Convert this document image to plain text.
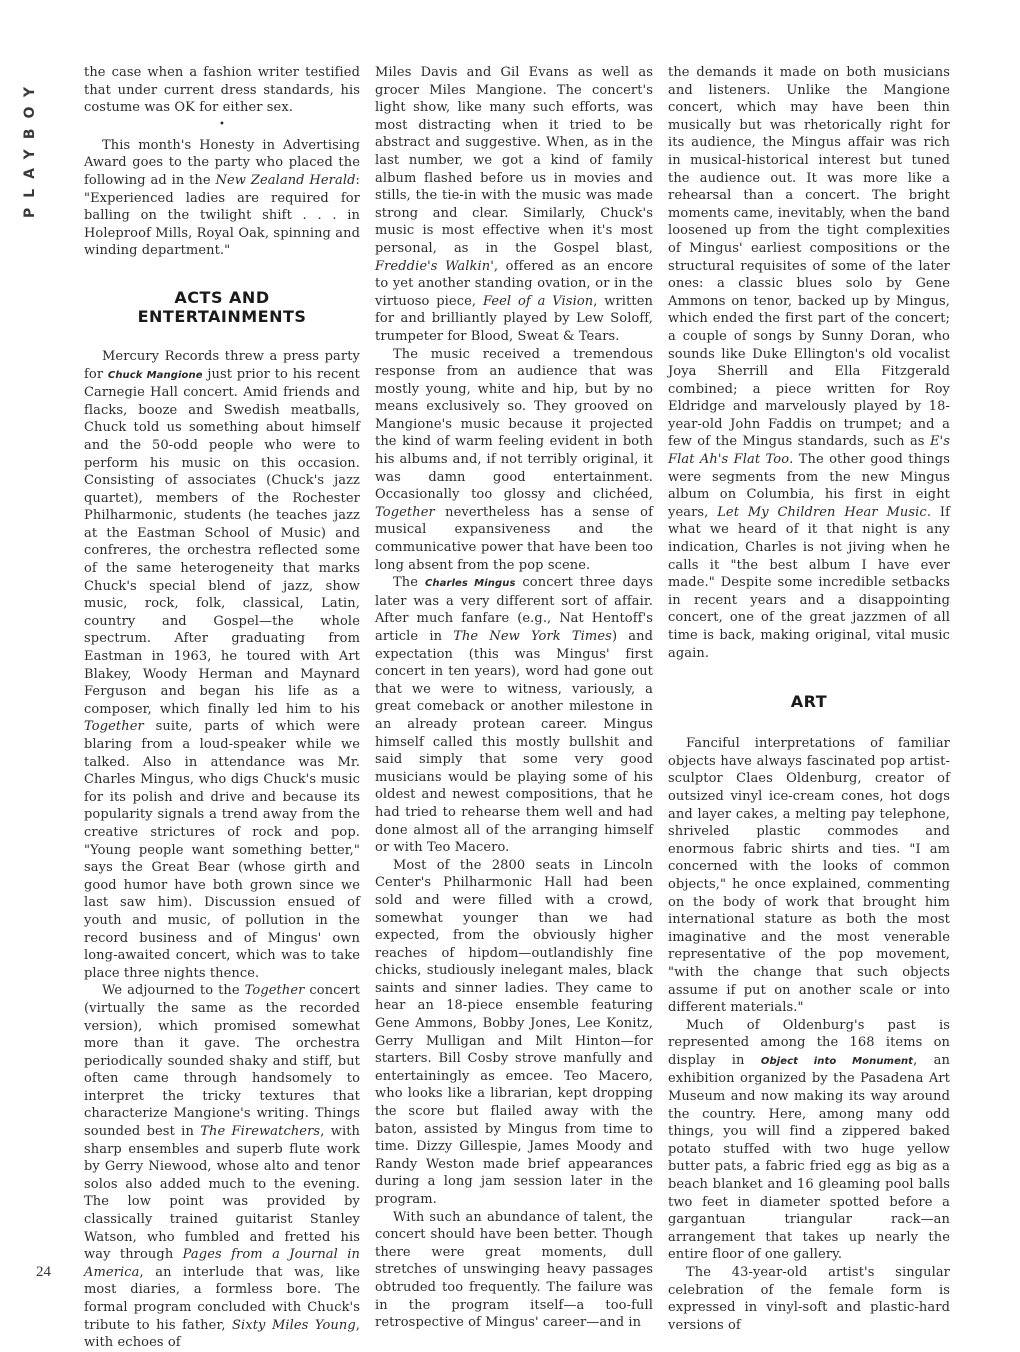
PLAYBOY
24

the case when a fashion writer testified that under current dress standards, his costume was OK for either sex.

•

This month's Honesty in Advertising Award goes to the party who placed the following ad in the New Zealand Herald: "Experienced ladies are required for balling on the twilight shift . . . in Holeproof Mills, Royal Oak, spinning and winding department."

ACTS AND
ENTERTAINMENTS

Mercury Records threw a press party for Chuck Mangione just prior to his recent Carnegie Hall concert. Amid friends and flacks, booze and Swedish meatballs, Chuck told us something about himself and the 50-odd people who were to perform his music on this occasion. Consisting of associates (Chuck's jazz quartet), members of the Rochester Philharmonic, students (he teaches jazz at the Eastman School of Music) and confreres, the orchestra reflected some of the same heterogeneity that marks Chuck's special blend of jazz, show music, rock, folk, classical, Latin, country and Gospel—the whole spectrum. After graduating from Eastman in 1963, he toured with Art Blakey, Woody Herman and Maynard Ferguson and began his life as a composer, which finally led him to his Together suite, parts of which were blaring from a loud-speaker while we talked. Also in attendance was Mr. Charles Mingus, who digs Chuck's music for its polish and drive and because its popularity signals a trend away from the creative strictures of rock and pop. "Young people want something better," says the Great Bear (whose girth and good humor have both grown since we last saw him). Discussion ensued of youth and music, of pollution in the record business and of Mingus' own long-awaited concert, which was to take place three nights thence.

We adjourned to the Together concert (virtually the same as the recorded version), which promised somewhat more than it gave. The orchestra periodically sounded shaky and stiff, but often came through handsomely to interpret the tricky textures that characterize Mangione's writing. Things sounded best in The Firewatchers, with sharp ensembles and superb flute work by Gerry Niewood, whose alto and tenor solos also added much to the evening. The low point was provided by classically trained guitarist Stanley Watson, who fumbled and fretted his way through Pages from a Journal in America, an interlude that was, like most diaries, a formless bore. The formal program concluded with Chuck's tribute to his father, Sixty Miles Young, with echoes of

Miles Davis and Gil Evans as well as grocer Miles Mangione. The concert's light show, like many such efforts, was most distracting when it tried to be abstract and suggestive. When, as in the last number, we got a kind of family album flashed before us in movies and stills, the tie-in with the music was made strong and clear. Similarly, Chuck's music is most effective when it's most personal, as in the Gospel blast, Freddie's Walkin', offered as an encore to yet another standing ovation, or in the virtuoso piece, Feel of a Vision, written for and brilliantly played by Lew Soloff, trumpeter for Blood, Sweat & Tears.

The music received a tremendous response from an audience that was mostly young, white and hip, but by no means exclusively so. They grooved on Mangione's music because it projected the kind of warm feeling evident in both his albums and, if not terribly original, it was damn good entertainment. Occasionally too glossy and clichéed, Together nevertheless has a sense of musical expansiveness and the communicative power that have been too long absent from the pop scene.

The Charles Mingus concert three days later was a very different sort of affair. After much fanfare (e.g., Nat Hentoff's article in The New York Times) and expectation (this was Mingus' first concert in ten years), word had gone out that we were to witness, variously, a great comeback or another milestone in an already protean career. Mingus himself called this mostly bullshit and said simply that some very good musicians would be playing some of his oldest and newest compositions, that he had tried to rehearse them well and had done almost all of the arranging himself or with Teo Macero.

Most of the 2800 seats in Lincoln Center's Philharmonic Hall had been sold and were filled with a crowd, somewhat younger than we had expected, from the obviously higher reaches of hipdom—outlandishly fine chicks, studiously inelegant males, black saints and sinner ladies. They came to hear an 18-piece ensemble featuring Gene Ammons, Bobby Jones, Lee Konitz, Gerry Mulligan and Milt Hinton—for starters. Bill Cosby strove manfully and entertainingly as emcee. Teo Macero, who looks like a librarian, kept dropping the score but flailed away with the baton, assisted by Mingus from time to time. Dizzy Gillespie, James Moody and Randy Weston made brief appearances during a long jam session later in the program.

With such an abundance of talent, the concert should have been better. Though there were great moments, dull stretches of unswinging heavy passages obtruded too frequently. The failure was in the program itself—a too-full retrospective of Mingus' career—and in

the demands it made on both musicians and listeners. Unlike the Mangione concert, which may have been thin musically but was rhetorically right for its audience, the Mingus affair was rich in musical-historical interest but tuned the audience out. It was more like a rehearsal than a concert. The bright moments came, inevitably, when the band loosened up from the tight complexities of Mingus' earliest compositions or the structural requisites of some of the later ones: a classic blues solo by Gene Ammons on tenor, backed up by Mingus, which ended the first part of the concert; a couple of songs by Sunny Doran, who sounds like Duke Ellington's old vocalist Joya Sherrill and Ella Fitzgerald combined; a piece written for Roy Eldridge and marvelously played by 18-year-old John Faddis on trumpet; and a few of the Mingus standards, such as E's Flat Ah's Flat Too. The other good things were segments from the new Mingus album on Columbia, his first in eight years, Let My Children Hear Music. If what we heard of it that night is any indication, Charles is not jiving when he calls it "the best album I have ever made." Despite some incredible setbacks in recent years and a disappointing concert, one of the great jazzmen of all time is back, making original, vital music again.

ART

Fanciful interpretations of familiar objects have always fascinated pop artist-sculptor Claes Oldenburg, creator of outsized vinyl ice-cream cones, hot dogs and layer cakes, a melting pay telephone, shriveled plastic commodes and enormous fabric shirts and ties. "I am concerned with the looks of common objects," he once explained, commenting on the body of work that brought him international stature as both the most imaginative and the most venerable representative of the pop movement, "with the change that such objects assume if put on another scale or into different materials."

Much of Oldenburg's past is represented among the 168 items on display in Object into Monument, an exhibition organized by the Pasadena Art Museum and now making its way around the country. Here, among many odd things, you will find a zippered baked potato stuffed with two huge yellow butter pats, a fabric fried egg as big as a beach blanket and 16 gleaming pool balls two feet in diameter spotted before a gargantuan triangular rack—an arrangement that takes up nearly the entire floor of one gallery.

The 43-year-old artist's singular celebration of the female form is expressed in vinyl-soft and plastic-hard versions of
